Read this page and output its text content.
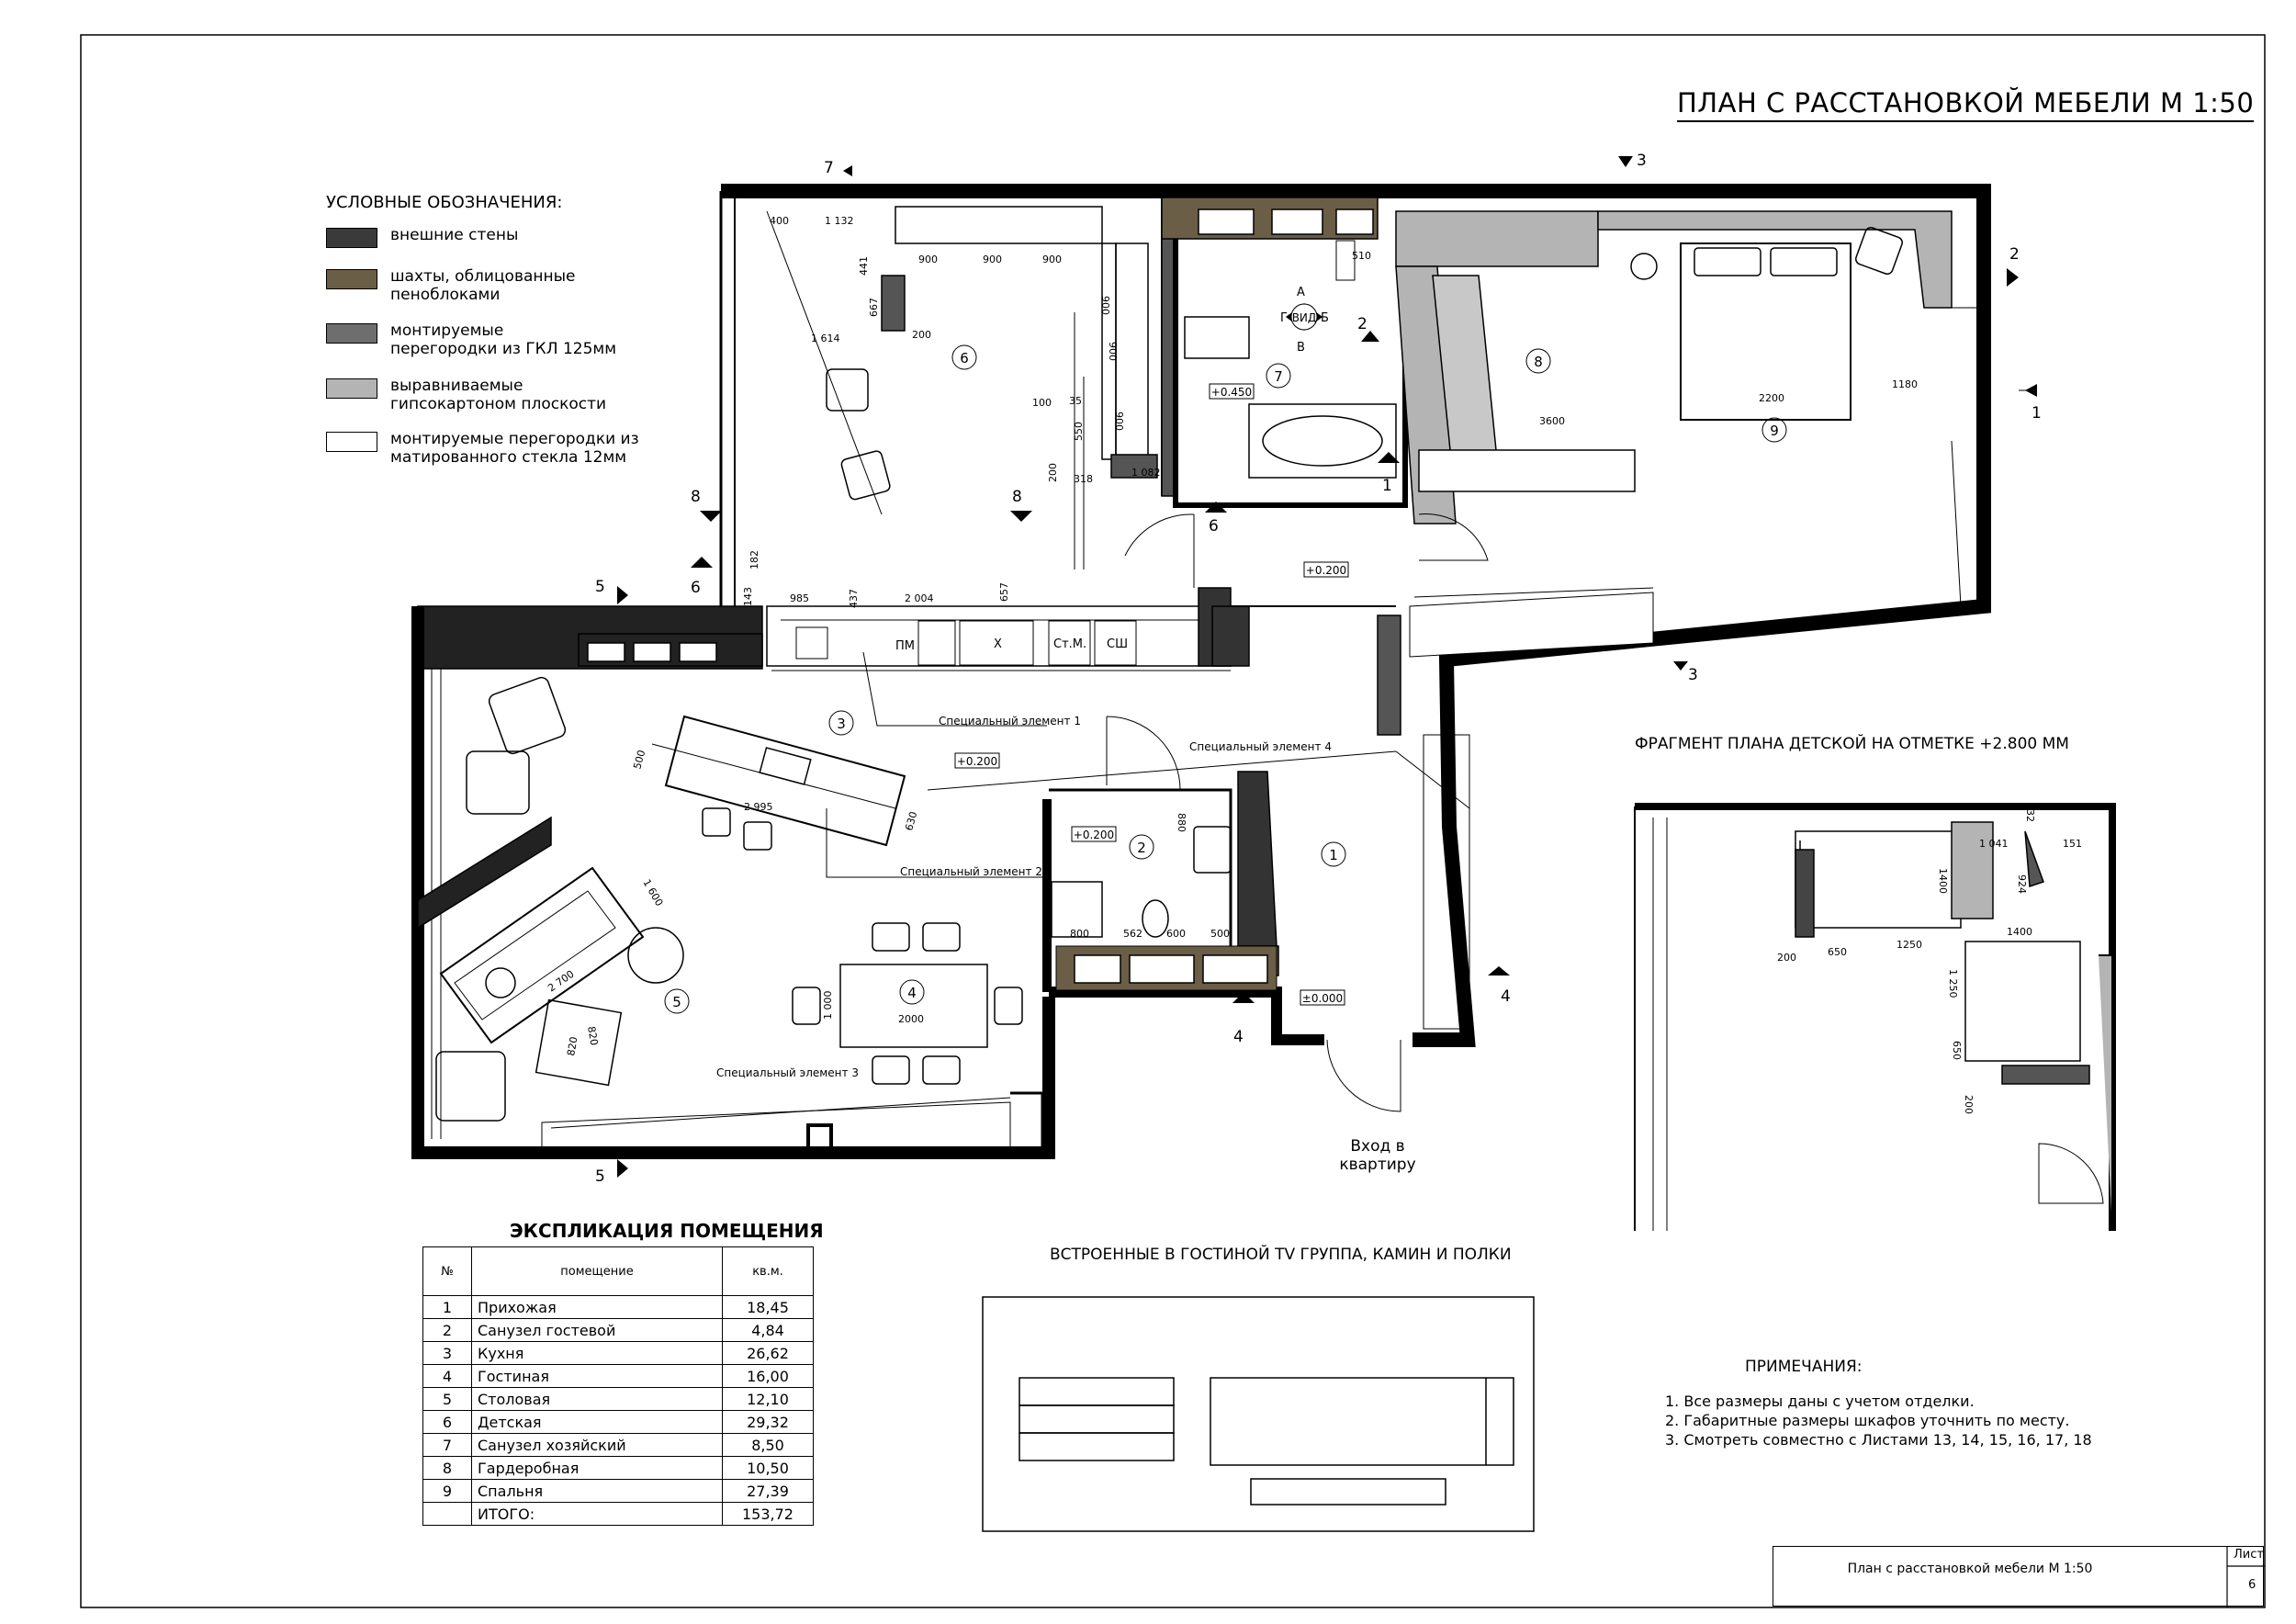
ПЛАН С РАССТАНОВКОЙ МЕБЕЛИ М 1:50
УСЛОВНЫЕ ОБОЗНАЧЕНИЯ:
внешние стены
шахты, облицованные
пеноблоками
монтируемые
перегородки из ГКЛ 125мм
выравниваемые
гипсокартоном плоскости
монтируемые перегородки из
матированного стекла 12мм
1
2
3
4
5
6
7
8
9
+0.200
+0.200
+0.200
+0.450
±0.000
Специальный элемент 1
Специальный элемент 2
Специальный элемент 3
Специальный элемент 4
ПМ	Х	Ст.М. СШ
ВИД
А
Б
В
Г
1
1
2
2
3
3
4
4
5
5
6
6
7
8	8
400	1 132
900	900	900
441
667
200
1 614
900
900
900
100 35
550
200 318
1 082
510
3600
2200
1180
143
182
985	437	2 004	657
500
2 995
630	880
800	562 600 500
1 600
2 700
820
820
1 000	2000
132
1 041	151
1400	924
1400
200	650
1250
1 250
650
200
Вход в
квартиру
ФРАГМЕНТ ПЛАНА ДЕТСКОЙ НА ОТМЕТКЕ +2.800 ММ
ВСТРОЕННЫЕ В ГОСТИНОЙ TV ГРУППА, КАМИН И ПОЛКИ
ЭКСПЛИКАЦИЯ ПОМЕЩЕНИЯ
№	помещение	кв.м.
1	Прихожая	18,45
2	Санузел гостевой	4,84
3	Кухня	26,62
4	Гостиная	16,00
5	Столовая	12,10
6	Детская	29,32
7	Санузел хозяйский	8,50
8	Гардеробная	10,50
9	Спальня	27,39
	ИТОГО:	153,72
ПРИМЕЧАНИЯ:
1. Все размеры даны с учетом отделки.
2. Габаритные размеры шкафов уточнить по месту.
3. Смотреть совместно с Листами 13, 14, 15, 16, 17, 18
План с расстановкой мебели М 1:50
Лист
6
